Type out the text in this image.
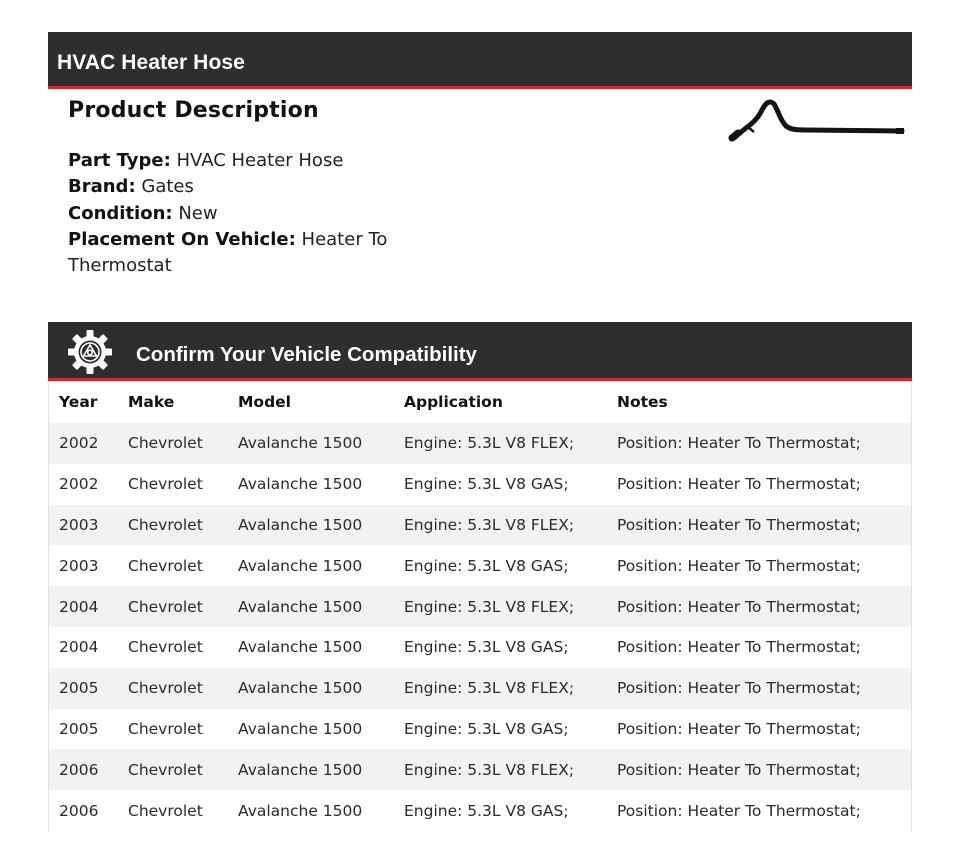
HVAC Heater Hose
Product Description
Part Type: HVAC Heater Hose
Brand: Gates
Condition: New
Placement On Vehicle: Heater To Thermostat
Confirm Your Vehicle Compatibility
Year	Make	Model	Application	Notes
2002	Chevrolet	Avalanche 1500	Engine: 5.3L V8 FLEX;	Position: Heater To Thermostat;
2002	Chevrolet	Avalanche 1500	Engine: 5.3L V8 GAS;	Position: Heater To Thermostat;
2003	Chevrolet	Avalanche 1500	Engine: 5.3L V8 FLEX;	Position: Heater To Thermostat;
2003	Chevrolet	Avalanche 1500	Engine: 5.3L V8 GAS;	Position: Heater To Thermostat;
2004	Chevrolet	Avalanche 1500	Engine: 5.3L V8 FLEX;	Position: Heater To Thermostat;
2004	Chevrolet	Avalanche 1500	Engine: 5.3L V8 GAS;	Position: Heater To Thermostat;
2005	Chevrolet	Avalanche 1500	Engine: 5.3L V8 FLEX;	Position: Heater To Thermostat;
2005	Chevrolet	Avalanche 1500	Engine: 5.3L V8 GAS;	Position: Heater To Thermostat;
2006	Chevrolet	Avalanche 1500	Engine: 5.3L V8 FLEX;	Position: Heater To Thermostat;
2006	Chevrolet	Avalanche 1500	Engine: 5.3L V8 GAS;	Position: Heater To Thermostat;
